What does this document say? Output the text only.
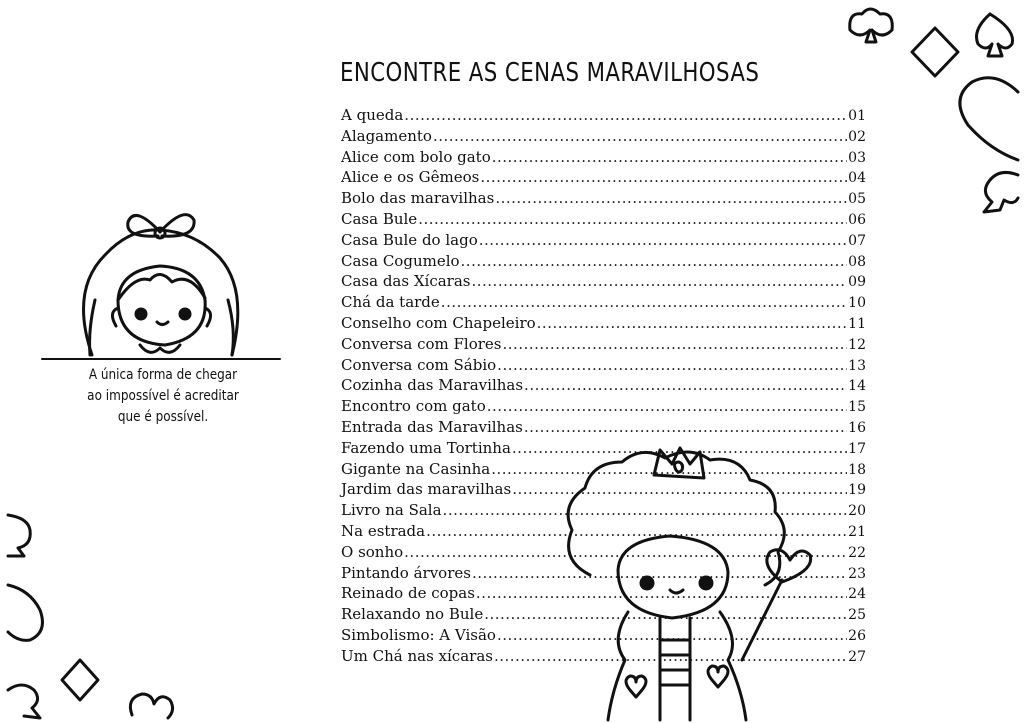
ENCONTRE AS CENAS MARAVILHOSAS
A queda .....	01
Alagamento .....	02
Alice com bolo gato .....	03
Alice e os Gêmeos .....	04
Bolo das maravilhas .....	05
Casa Bule .....	06
Casa Bule do lago .....	07
Casa Cogumelo .....	08
Casa das Xícaras .....	09
Chá da tarde .....	10
Conselho com Chapeleiro .....	11
Conversa com Flores .....	12
Conversa com Sábio .....	13
Cozinha das Maravilhas .....	14
Encontro com gato .....	15
Entrada das Maravilhas .....	16
Fazendo uma Tortinha .....	17
Gigante na Casinha .....	18
Jardim das maravilhas .....	19
Livro na Sala .....	20
Na estrada .....	21
O sonho .....	22
Pintando árvores .....	23
Reinado de copas .....	24
Relaxando no Bule .....	25
Simbolismo: A Visão .....	26
Um Chá nas xícaras .....	27
A única forma de chegar
ao impossível é acreditar
que é possível.
